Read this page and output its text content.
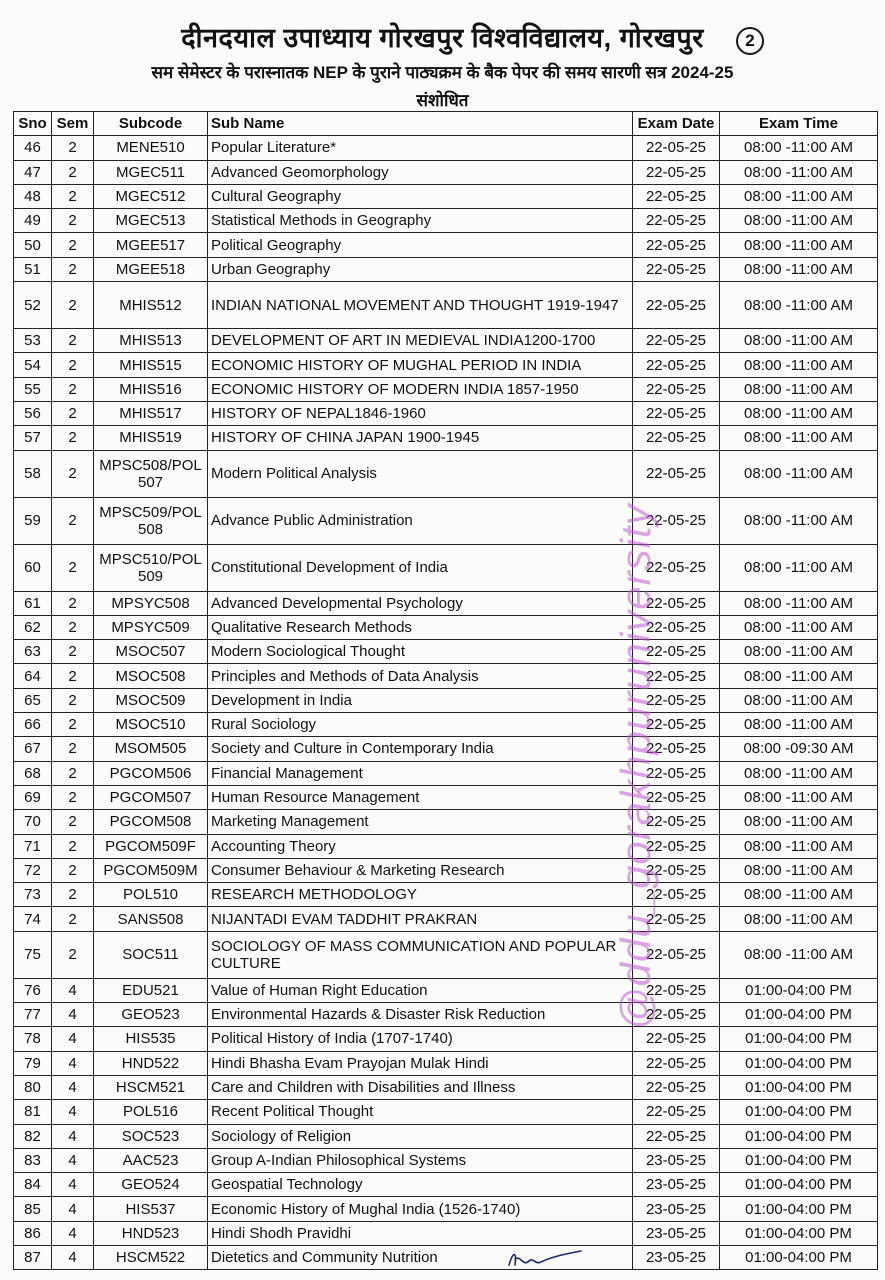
दीनदयाल उपाध्याय गोरखपुर विश्वविद्यालय, गोरखपुर	2
सम सेमेस्टर के परास्नातक NEP के पुराने पाठ्यक्रम के बैक पेपर की समय सारणी सत्र 2024-25
संशोधित
Sno	Sem	Subcode	Sub Name	Exam Date	Exam Time
46	2	MENE510	Popular Literature*	22-05-25	08:00 -11:00 AM
47	2	MGEC511	Advanced Geomorphology	22-05-25	08:00 -11:00 AM
48	2	MGEC512	Cultural Geography	22-05-25	08:00 -11:00 AM
49	2	MGEC513	Statistical Methods in Geography	22-05-25	08:00 -11:00 AM
50	2	MGEE517	Political Geography	22-05-25	08:00 -11:00 AM
51	2	MGEE518	Urban Geography	22-05-25	08:00 -11:00 AM
52	2	MHIS512	INDIAN NATIONAL MOVEMENT AND THOUGHT 1919-1947	22-05-25	08:00 -11:00 AM
53	2	MHIS513	DEVELOPMENT OF ART IN MEDIEVAL INDIA1200-1700	22-05-25	08:00 -11:00 AM
54	2	MHIS515	ECONOMIC HISTORY OF MUGHAL PERIOD IN INDIA	22-05-25	08:00 -11:00 AM
55	2	MHIS516	ECONOMIC HISTORY OF MODERN INDIA 1857-1950	22-05-25	08:00 -11:00 AM
56	2	MHIS517	HISTORY OF NEPAL1846-1960	22-05-25	08:00 -11:00 AM
57	2	MHIS519	HISTORY OF CHINA JAPAN 1900-1945	22-05-25	08:00 -11:00 AM
58	2	MPSC508/POL 507	Modern Political Analysis	22-05-25	08:00 -11:00 AM
59	2	MPSC509/POL 508	Advance Public Administration	22-05-25	08:00 -11:00 AM
60	2	MPSC510/POL 509	Constitutional Development of India	22-05-25	08:00 -11:00 AM
61	2	MPSYC508	Advanced Developmental Psychology	22-05-25	08:00 -11:00 AM
62	2	MPSYC509	Qualitative Research Methods	22-05-25	08:00 -11:00 AM
63	2	MSOC507	Modern Sociological Thought	22-05-25	08:00 -11:00 AM
64	2	MSOC508	Principles and Methods of Data Analysis	22-05-25	08:00 -11:00 AM
65	2	MSOC509	Development in India	22-05-25	08:00 -11:00 AM
66	2	MSOC510	Rural Sociology	22-05-25	08:00 -11:00 AM
67	2	MSOM505	Society and Culture in Contemporary India	22-05-25	08:00 -09:30 AM
68	2	PGCOM506	Financial Management	22-05-25	08:00 -11:00 AM
69	2	PGCOM507	Human Resource Management	22-05-25	08:00 -11:00 AM
70	2	PGCOM508	Marketing Management	22-05-25	08:00 -11:00 AM
71	2	PGCOM509F	Accounting Theory	22-05-25	08:00 -11:00 AM
72	2	PGCOM509M	Consumer Behaviour & Marketing Research	22-05-25	08:00 -11:00 AM
73	2	POL510	RESEARCH METHODOLOGY	22-05-25	08:00 -11:00 AM
74	2	SANS508	NIJANTADI EVAM TADDHIT PRAKRAN	22-05-25	08:00 -11:00 AM
75	2	SOC511	SOCIOLOGY OF MASS COMMUNICATION AND POPULAR CULTURE	22-05-25	08:00 -11:00 AM
76	4	EDU521	Value of Human Right Education	22-05-25	01:00-04:00 PM
77	4	GEO523	Environmental Hazards & Disaster Risk Reduction	22-05-25	01:00-04:00 PM
78	4	HIS535	Political History of India (1707-1740)	22-05-25	01:00-04:00 PM
79	4	HND522	Hindi Bhasha Evam Prayojan Mulak Hindi	22-05-25	01:00-04:00 PM
80	4	HSCM521	Care and Children with Disabilities and Illness	22-05-25	01:00-04:00 PM
81	4	POL516	Recent Political Thought	22-05-25	01:00-04:00 PM
82	4	SOC523	Sociology of Religion	22-05-25	01:00-04:00 PM
83	4	AAC523	Group A-Indian Philosophical Systems	23-05-25	01:00-04:00 PM
84	4	GEO524	Geospatial Technology	23-05-25	01:00-04:00 PM
85	4	HIS537	Economic History of Mughal India (1526-1740)	23-05-25	01:00-04:00 PM
86	4	HND523	Hindi Shodh Pravidhi	23-05-25	01:00-04:00 PM
87	4	HSCM522	Dietetics and Community Nutrition	23-05-25	01:00-04:00 PM
@ddu_gorakhpuruniversity
